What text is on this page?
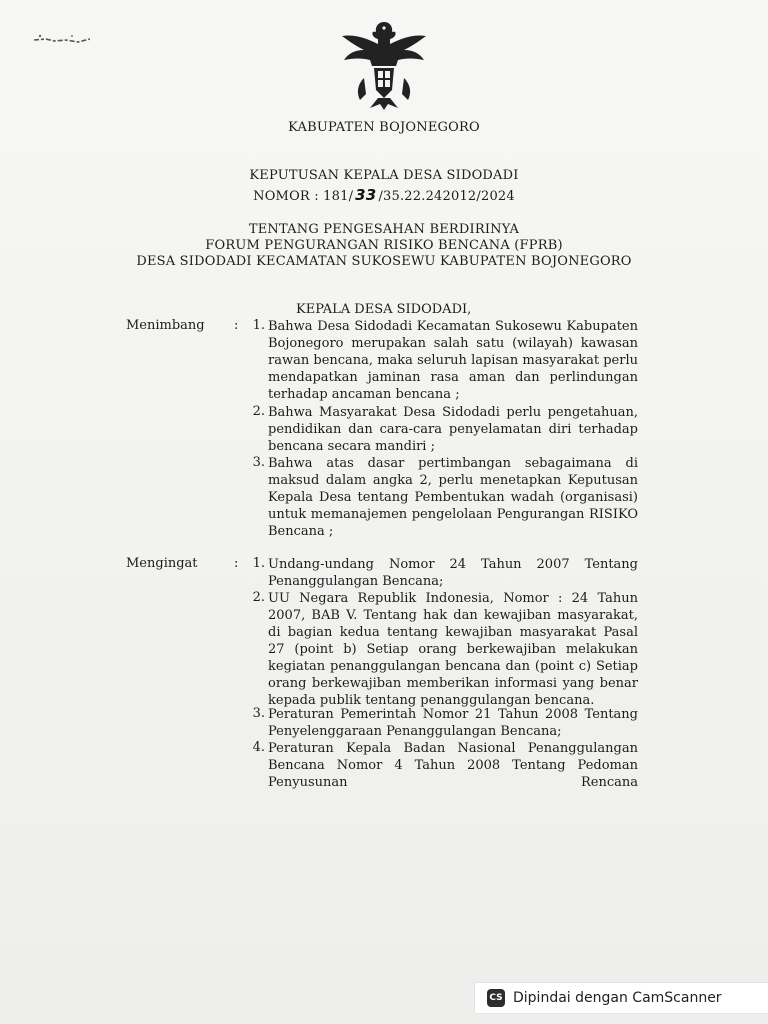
KABUPATEN BOJONEGORO
KEPUTUSAN KEPALA DESA SIDODADI
NOMOR : 181/ 33 /35.22.242012/2024
TENTANG PENGESAHAN BERDIRINYA
FORUM PENGURANGAN RISIKO BENCANA (FPRB)
DESA SIDODADI KECAMATAN SUKOSEWU KABUPATEN BOJONEGORO
KEPALA DESA SIDODADI,
Menimbang :	1. Bahwa Desa Sidodadi Kecamatan Sukosewu Kabupaten Bojonegoro merupakan salah satu (wilayah) kawasan rawan bencana, maka seluruh lapisan masyarakat perlu mendapatkan jaminan rasa aman dan perlindungan terhadap ancaman bencana ;
2. Bahwa Masyarakat Desa Sidodadi perlu pengetahuan, pendidikan dan cara-cara penyelamatan diri terhadap bencana secara mandiri ;
3. Bahwa atas dasar pertimbangan sebagaimana di maksud dalam angka 2, perlu menetapkan Keputusan Kepala Desa tentang Pembentukan wadah (organisasi) untuk memanajemen pengelolaan Pengurangan RISIKO Bencana ;
Mengingat	:	1. Undang-undang Nomor 24 Tahun 2007 Tentang Penanggulangan Bencana;
2. UU Negara Republik Indonesia, Nomor : 24 Tahun 2007, BAB V. Tentang hak dan kewajiban masyarakat, di bagian kedua tentang kewajiban masyarakat Pasal 27 (point b) Setiap orang berkewajiban melakukan kegiatan penanggulangan bencana dan (point c) Setiap orang berkewajiban memberikan informasi yang benar kepada publik tentang penanggulangan bencana.
3. Peraturan Pemerintah Nomor 21 Tahun 2008 Tentang Penyelenggaraan Penanggulangan Bencana;
4. Peraturan Kepala Badan Nasional Penanggulangan Bencana Nomor 4 Tahun 2008 Tentang Pedoman Penyusunan Rencana
CS Dipindai dengan CamScanner
